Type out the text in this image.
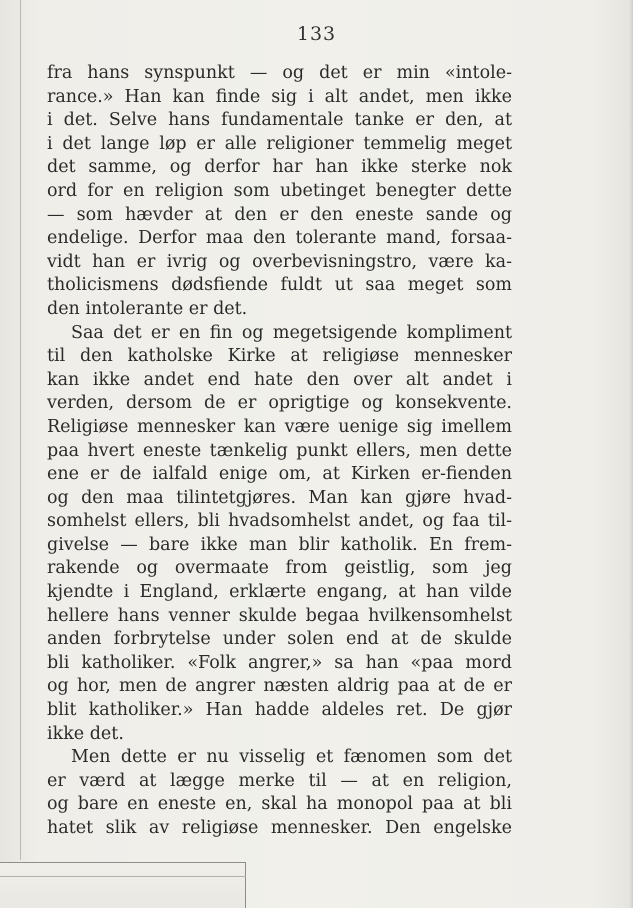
133
fra hans synspunkt — og det er min «intole-
rance.» Han kan finde sig i alt andet, men ikke
i det. Selve hans fundamentale tanke er den, at
i det lange løp er alle religioner temmelig meget
det samme, og derfor har han ikke sterke nok
ord for en religion som ubetinget benegter dette
— som hævder at den er den eneste sande og
endelige. Derfor maa den tolerante mand, forsaa-
vidt han er ivrig og overbevisningstro, være ka-
tholicismens dødsfiende fuldt ut saa meget som
den intolerante er det.
Saa det er en fin og megetsigende kompliment
til den katholske Kirke at religiøse mennesker
kan ikke andet end hate den over alt andet i
verden, dersom de er oprigtige og konsekvente.
Religiøse mennesker kan være uenige sig imellem
paa hvert eneste tænkelig punkt ellers, men dette
ene er de ialfald enige om, at Kirken er-fienden
og den maa tilintetgjøres. Man kan gjøre hvad-
somhelst ellers, bli hvadsomhelst andet, og faa til-
givelse — bare ikke man blir katholik. En frem-
rakende og overmaate from geistlig, som jeg
kjendte i England, erklærte engang, at han vilde
hellere hans venner skulde begaa hvilkensomhelst
anden forbrytelse under solen end at de skulde
bli katholiker. «Folk angrer,» sa han «paa mord
og hor, men de angrer næsten aldrig paa at de er
blit katholiker.» Han hadde aldeles ret. De gjør
ikke det.
Men dette er nu visselig et fænomen som det
er værd at lægge merke til — at en religion,
og bare en eneste en, skal ha monopol paa at bli
hatet slik av religiøse mennesker. Den engelske
